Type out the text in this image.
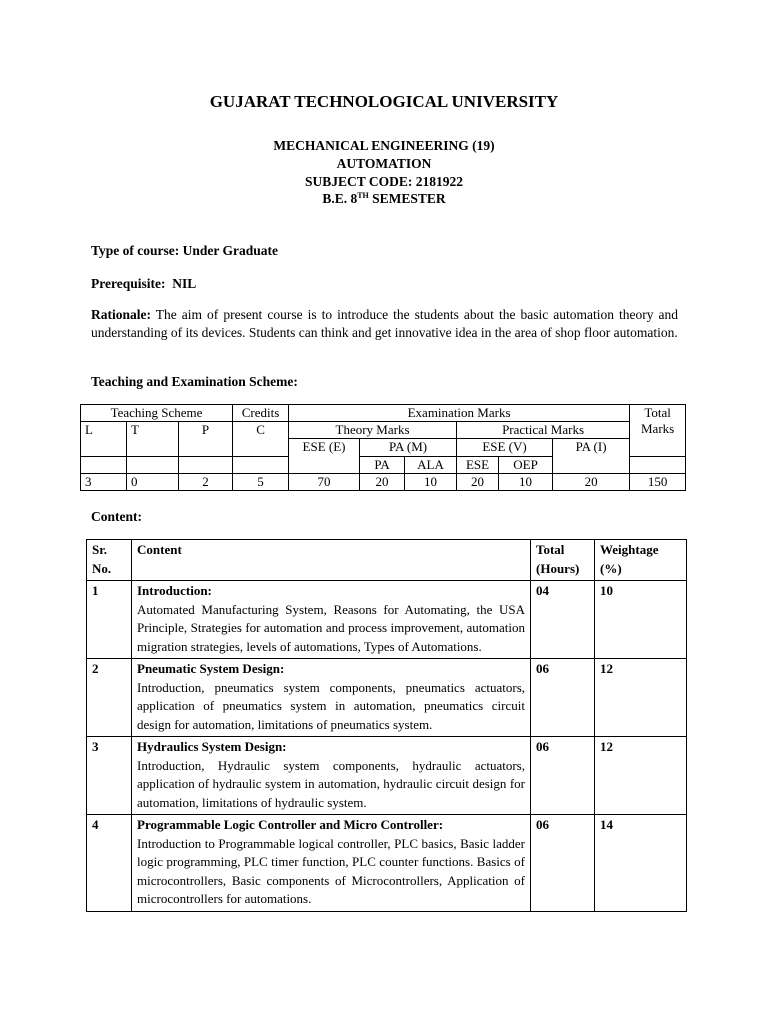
GUJARAT TECHNOLOGICAL UNIVERSITY
MECHANICAL ENGINEERING (19)
AUTOMATION
SUBJECT CODE: 2181922
B.E. 8TH SEMESTER
Type of course: Under Graduate
Prerequisite: NIL
Rationale: The aim of present course is to introduce the students about the basic automation theory and understanding of its devices. Students can think and get innovative idea in the area of shop floor automation.
Teaching and Examination Scheme:
Teaching Scheme			Credits	Examination Marks						Total Marks
L	T	P	C	Theory Marks			Practical Marks			
				ESE (E)	PA (M)		ESE (V)		PA (I)	
					PA	ALA	ESE	OEP		
3	0	2	5	70	20	10	20	10	20	150
Content:
Sr. No.	Content	Total (Hours)	Weightage (%)
1	Introduction:
Automated Manufacturing System, Reasons for Automating, the USA Principle, Strategies for automation and process improvement, automation migration strategies, levels of automations, Types of Automations.	04	10
2	Pneumatic System Design:
Introduction, pneumatics system components, pneumatics actuators, application of pneumatics system in automation, pneumatics circuit design for automation, limitations of pneumatics system.	06	12
3	Hydraulics System Design:
Introduction, Hydraulic system components, hydraulic actuators, application of hydraulic system in automation, hydraulic circuit design for automation, limitations of hydraulic system.	06	12
4	Programmable Logic Controller and Micro Controller:
Introduction to Programmable logical controller, PLC basics, Basic ladder logic programming, PLC timer function, PLC counter functions. Basics of microcontrollers, Basic components of Microcontrollers, Application of microcontrollers for automations.	06	14
